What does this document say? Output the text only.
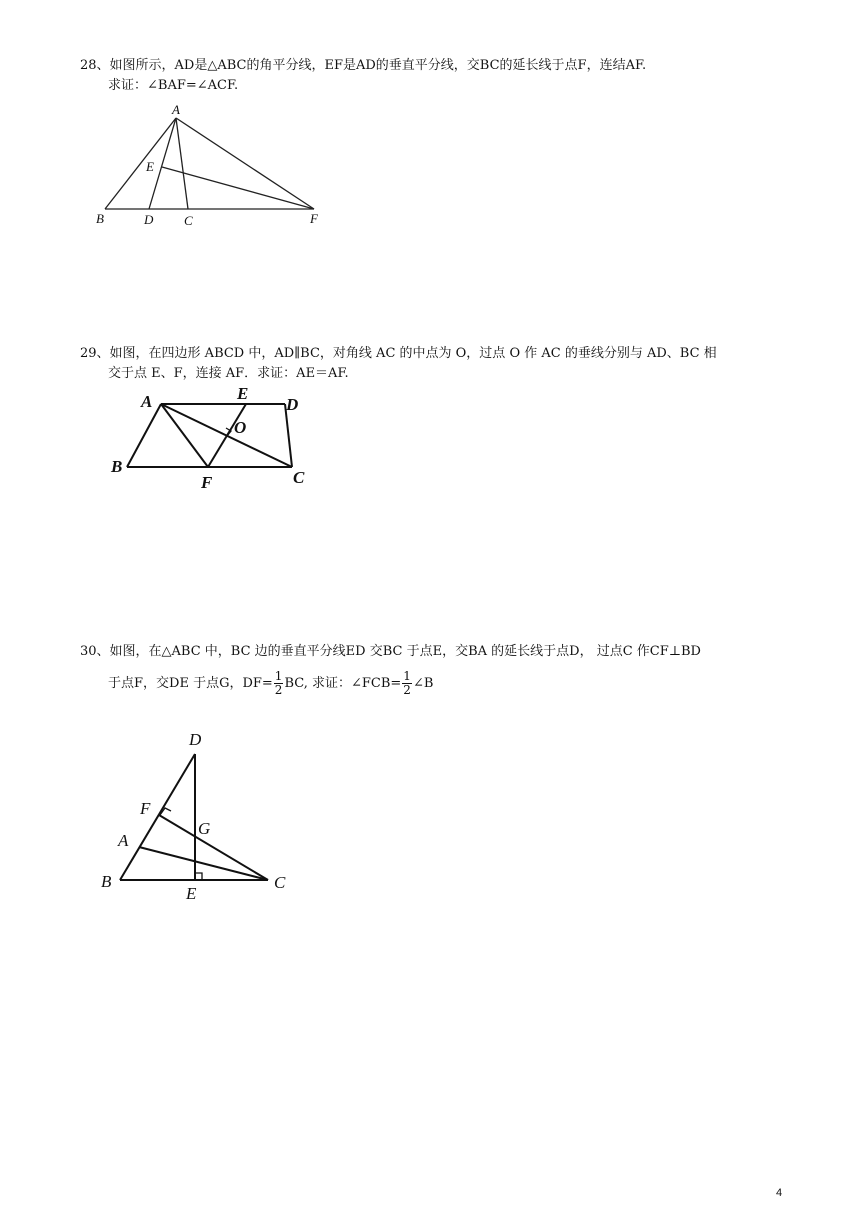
28、如图所示，AD是△ABC的角平分线，EF是AD的垂直平分线，交BC的延长线于点F，连结AF.
求证：∠BAF=∠ACF.
A
E
B	D C	F
29、如图，在四边形 ABCD 中，AD∥BC，对角线 AC 的中点为 O，过点 O 作 AC 的垂线分别与 AD、BC 相
交于点 E、F，连接 AF．求证：AE＝AF.
A	E
D
O
B
F	C
30、如图，在△ABC 中，BC 边的垂直平分线ED 交BC 于点E，交BA 的延长线于点D， 过点C 作CF⊥BD
于点F，交DE 于点G，$DF= \frac{1}{2}$ BC, 求证：∠FCB= $\frac{1}{2}$ ∠B
D
F
G
A
B
E
C
4
